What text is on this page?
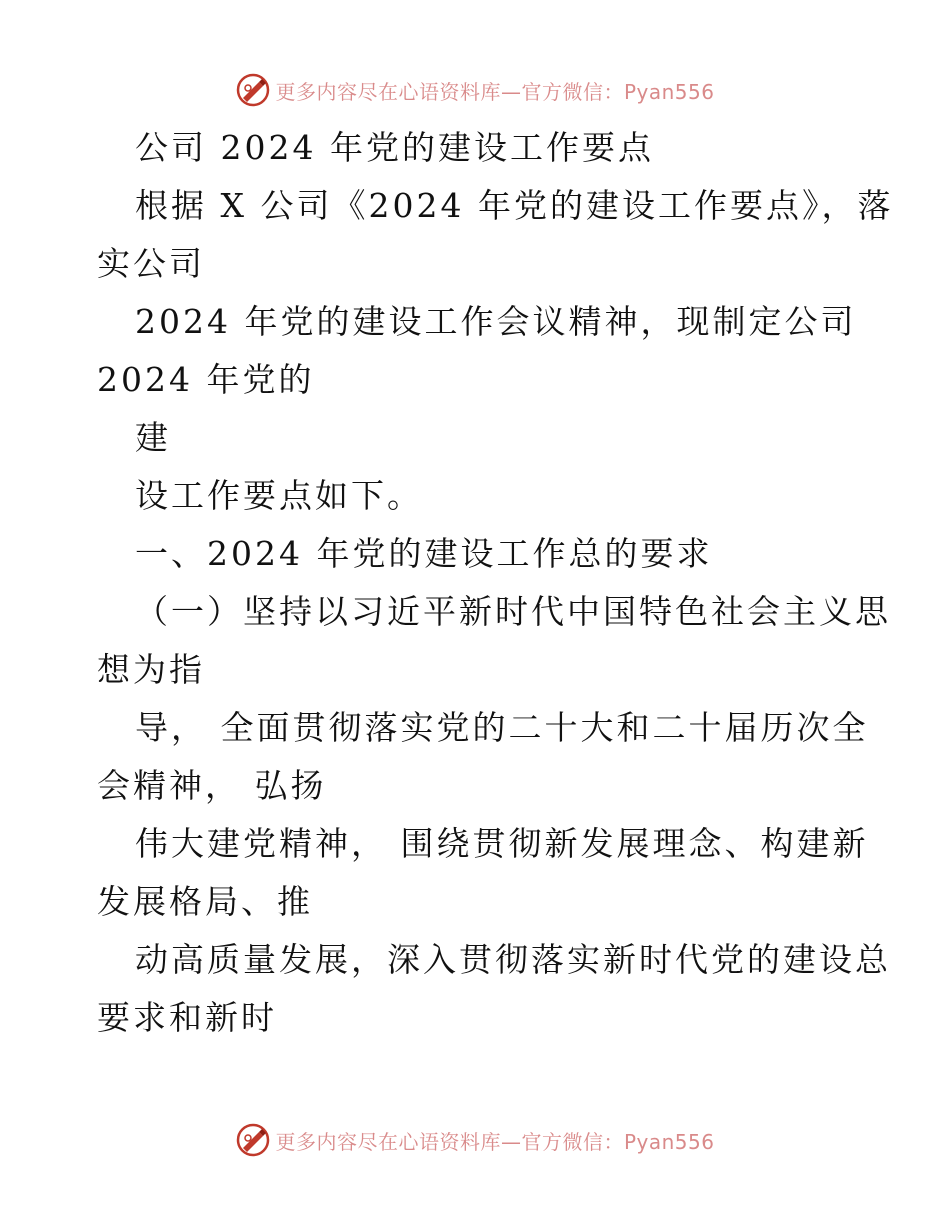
更多内容尽在心语资料库—官方微信：Pyan556
公司 2024 年党的建设工作要点
根据 X 公司《2024 年党的建设工作要点》，落
实公司
2024 年党的建设工作会议精神，现制定公司
2024 年党的
建
设工作要点如下。
一、2024 年党的建设工作总的要求
（一）坚持以习近平新时代中国特色社会主义思
想为指
导， 全面贯彻落实党的二十大和二十届历次全
会精神， 弘扬
伟大建党精神， 围绕贯彻新发展理念、构建新
发展格局、推
动高质量发展，深入贯彻落实新时代党的建设总
要求和新时
更多内容尽在心语资料库—官方微信：Pyan556
